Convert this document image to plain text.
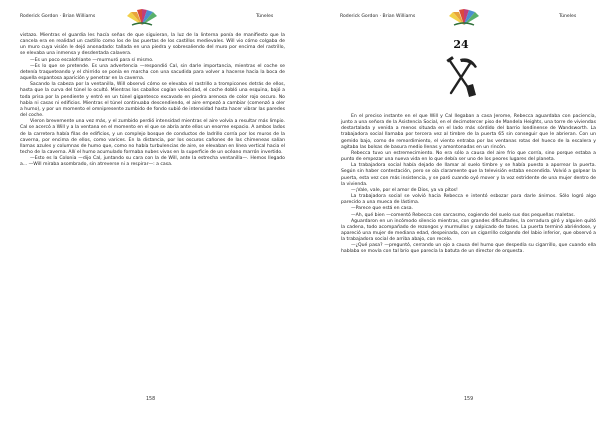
Roderick Gordon · Brian Williams	Túneles

vistazo. Mientras el guardia les hacía señas de que siguieran, la luz de la linterna ponía de manifiesto que la cancela era en realidad un castillo como los de las puertas de los castillos medievales. Will vio cómo colgaba de un muro cuya visión le dejó anonadado: tallada en una piedra y sobresaliendo del muro por encima del rastrillo, se elevaba una inmensa y desdentada calavera.

—Es un poco escalofriante —murmuró para sí mismo.

—Es lo que se pretende. Es una advertencia —respondió Cal, sin darle importancia, mientras el coche se detenía traqueteando y el chirrido se ponía en marcha con una sacudida para volver a hacerse hacia la boca de aquella espantosa aparición y penetrar en la caverna.

Sacando la cabeza por la ventanilla, Will observó cómo se elevaba el rastrillo a trompicones detrás de ellos, hasta que la curva del túnel lo ocultó. Mientras los caballos cogían velocidad, el coche dobló una esquina, bajó a toda prisa por la pendiente y entró en un túnel gigantesco excavado en piedra arenosa de color rojo oscuro. No había ni casas ni edificios. Mientras el túnel continuaba descendiendo, el aire empezó a cambiar (comenzó a oler a humo), y por un momento el omnipresente zumbido de fondo subió de intensidad hasta hacer vibrar las paredes del coche.

Vieron brevemente una vez más, y el zumbido perdió intensidad mientras el aire volvía a resultar más limpio. Cal se acercó a Will y a la ventana en el momento en el que se abría ante ellos un enorme espacio. A ambos lados de la carretera había filas de edificios, y un complejo bosque de conductos de ladrillo corría por los muros de la caverna, por encima de ellos, como varices. En la distancia, por los oscuros cañones de las chimeneas salían llamas azules y columnas de humo que, como no había turbulencias de aire, se elevaban en línea vertical hacia el techo de la caverna. Allí el humo acumulado formaba nubes vivas en la superficie de un océano marrón invertido.

—Esto es la Colonia —dijo Cal, juntando su cara con la de Will, ante la estrecha ventanilla—. Hemos llegado a... —Will miraba asombrado, sin atreverse ni a respirar—: a casa.

158
Roderick Gordon · Brian Williams	Túneles
24

En el preciso instante en el que Will y Cal llegaban a casa Jerome, Rebecca aguardaba con paciencia, junto a una señora de la Asistencia Social, en el decimotercer piso de Mandela Heights, una torre de viviendas destartalada y venida a menos situada en el lado más sórdido del barrio londinense de Wandsworth. La trabajadora social llamaba por tercera vez al timbre de la puerta 65 sin conseguir que le abrieran. Con un gemido bajo, como de remordimiento, el viento entraba por las ventanas rotas del hueco de la escalera y agitaba las bolsas de basura medio llenas y amontonadas en un rincón.

Rebecca tuvo un estremecimiento. No era sólo a causa del aire frío que corría, sino porque estaba a punto de empezar una nueva vida en lo que debía ser uno de los peores lugares del planeta.

La trabajadora social había dejado de llamar al suelo timbre y se había puesto a aporrear la puerta. Según sin haber contestación, pero se oía claramente que la televisión estaba encendida. Volvió a golpear la puerta, esta vez con más insistencia, y se paró cuando oyó mover y la voz estridente de una mujer dentro de la vivienda.

—¡Vale, vale, por el amor de Dios, ya va pitos!

La trabajadora social se volvió hacia Rebecca e intentó esbozar para darle ánimos. Sólo logró algo parecido a una mueca de lástima.

—Parece que está en casa.

—Ah, qué bien —comentó Rebecca con sarcasmo, cogiendo del suelo sus dos pequeñas maletas.

Aguardaron en un incómodo silencio mientras, con grandes dificultades, la cerradura giró y alguien quitó la cadena, todo acompañado de rezongos y murmullos y salpicado de toses. La puerta terminó abriéndose, y apareció una mujer de mediana edad, despeinada, con un cigarrillo colgando del labio inferior, que observó a la trabajadora social de arriba abajo, con recelo.

—¿Qué pasa? —preguntó, cerrando un ojo a causa del humo que despedía su cigarrillo, que cuando ella hablaba se movía con tal brío que parecía la batuta de un director de orquesta.

159
